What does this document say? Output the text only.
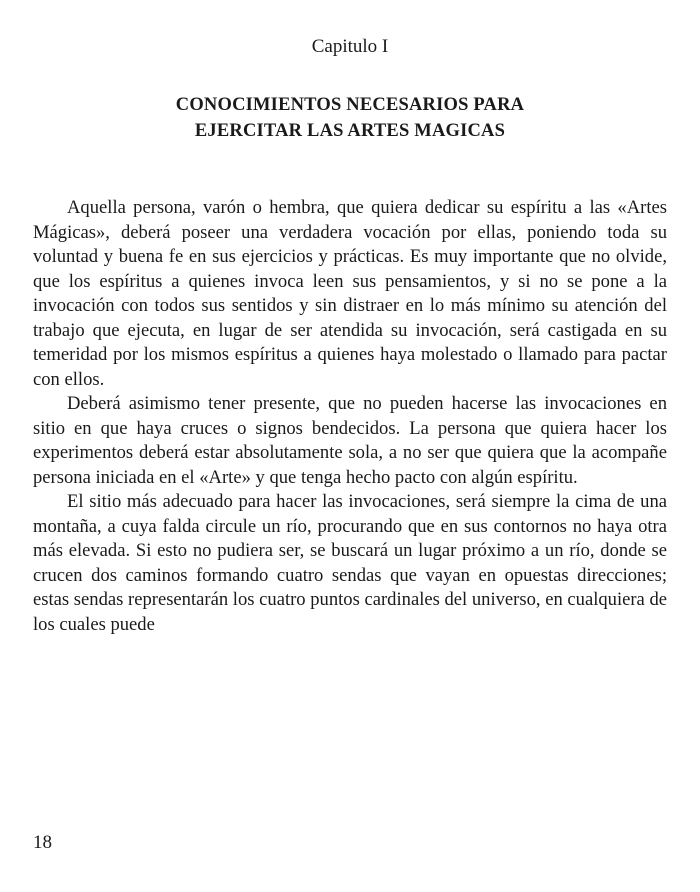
Capitulo I
CONOCIMIENTOS NECESARIOS PARA
EJERCITAR LAS ARTES MAGICAS

Aquella persona, varón o hembra, que quiera dedicar su espíritu a las «Artes Mágicas», deberá poseer una verdadera vocación por ellas, poniendo toda su voluntad y buena fe en sus ejercicios y prácticas. Es muy importante que no olvide, que los espíritus a quienes invoca leen sus pensamientos, y si no se pone a la invocación con todos sus sentidos y sin distraer en lo más mínimo su atención del trabajo que ejecuta, en lugar de ser atendida su invocación, será castigada en su temeridad por los mismos espíritus a quienes haya molestado o llamado para pactar con ellos.

Deberá asimismo tener presente, que no pueden hacerse las invocaciones en sitio en que haya cruces o signos bendecidos. La persona que quiera hacer los experimentos deberá estar absolutamente sola, a no ser que quiera que la acompañe persona iniciada en el «Arte» y que tenga hecho pacto con algún espíritu.

El sitio más adecuado para hacer las invocaciones, será siempre la cima de una montaña, a cuya falda circule un río, procurando que en sus contornos no haya otra más elevada. Si esto no pudiera ser, se buscará un lugar próximo a un río, donde se crucen dos caminos formando cuatro sendas que vayan en opuestas direcciones; estas sendas representarán los cuatro puntos cardinales del universo, en cualquiera de los cuales puede

18
